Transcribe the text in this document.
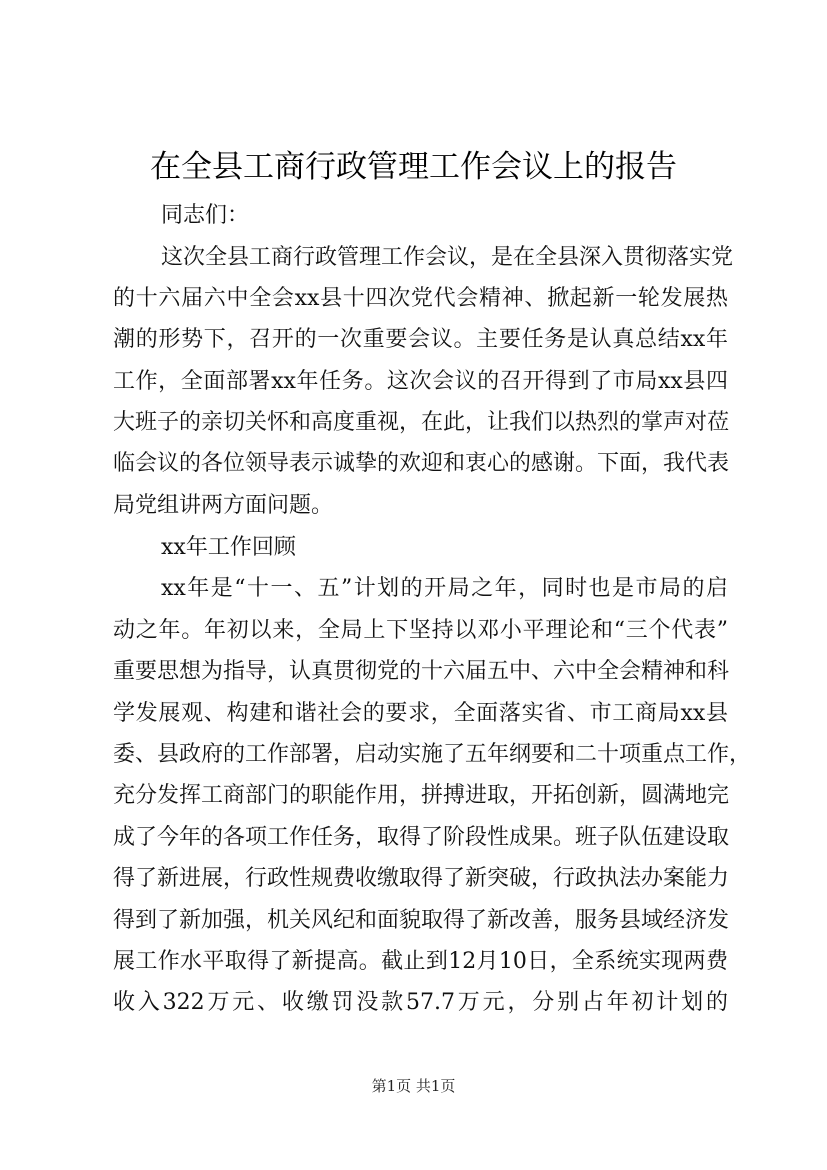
在全县工商行政管理工作会议上的报告
同志们：
这次全县工商行政管理工作会议，是在全县深入贯彻落实党
的十六届六中全会xx县十四次党代会精神、掀起新一轮发展热
潮的形势下，召开的一次重要会议。主要任务是认真总结xx年
工作，全面部署xx年任务。这次会议的召开得到了市局xx县四
大班子的亲切关怀和高度重视，在此，让我们以热烈的掌声对莅
临会议的各位领导表示诚挚的欢迎和衷心的感谢。下面，我代表
局党组讲两方面问题。
xx年工作回顾
xx年是“十一、五”计划的开局之年，同时也是市局的启
动之年。年初以来，全局上下坚持以邓小平理论和“三个代表”
重要思想为指导，认真贯彻党的十六届五中、六中全会精神和科
学发展观、构建和谐社会的要求，全面落实省、市工商局xx县
委、县政府的工作部署，启动实施了五年纲要和二十项重点工作，
充分发挥工商部门的职能作用，拼搏进取，开拓创新，圆满地完
成了今年的各项工作任务，取得了阶段性成果。班子队伍建设取
得了新进展，行政性规费收缴取得了新突破，行政执法办案能力
得到了新加强，机关风纪和面貌取得了新改善，服务县域经济发
展工作水平取得了新提高。截止到12月10日，全系统实现两费
收入322万元、收缴罚没款57.7万元，分别占年初计划的
第1页 共1页
